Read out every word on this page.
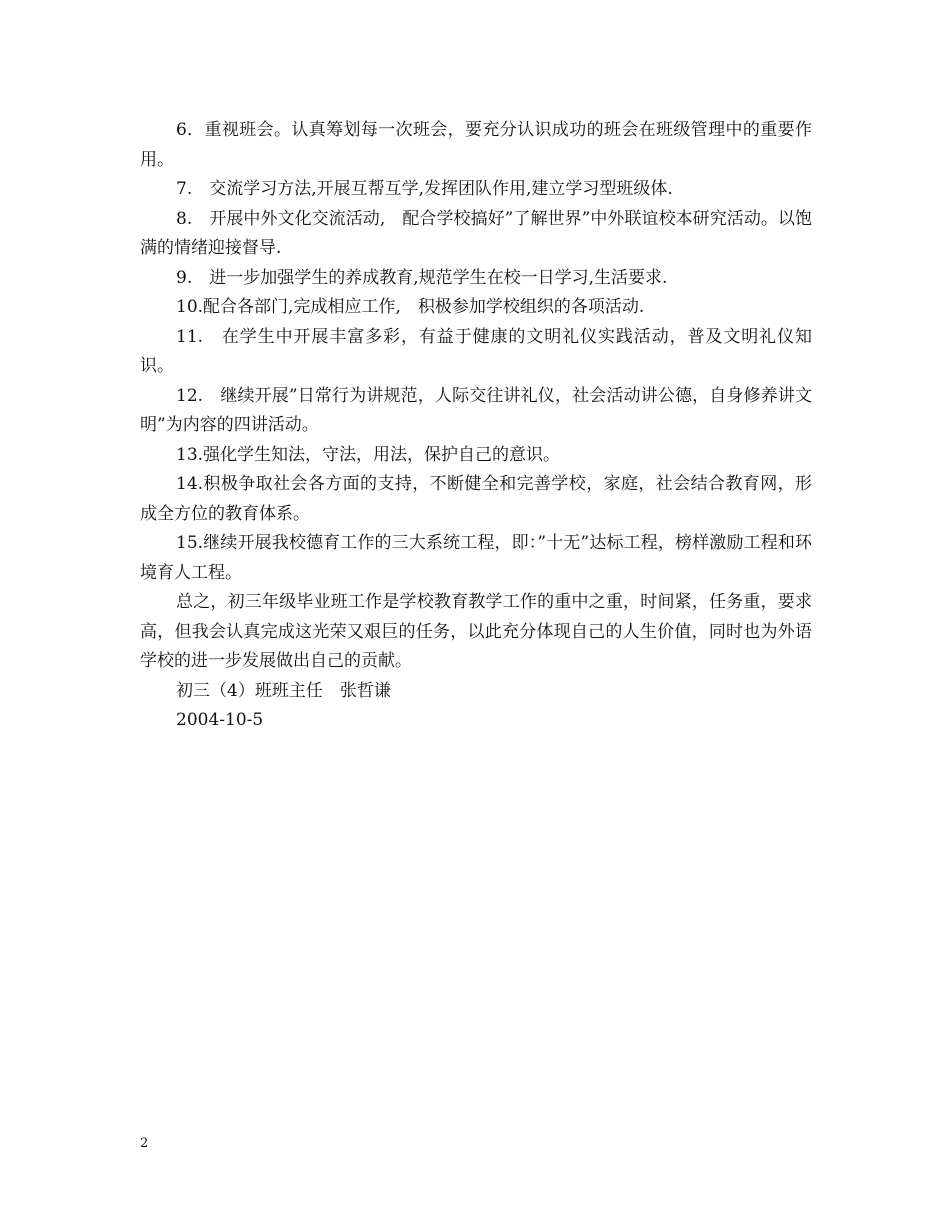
6．重视班会。认真筹划每一次班会，要充分认识成功的班会在班级管理中的重要作用。

7.　交流学习方法,开展互帮互学,发挥团队作用,建立学习型班级体.

8.　开展中外文化交流活动,　配合学校搞好”了解世界”中外联谊校本研究活动。以饱满的情绪迎接督导.

9.　进一步加强学生的养成教育,规范学生在校一日学习,生活要求.

10.配合各部门,完成相应工作,　积极参加学校组织的各项活动.

11.　在学生中开展丰富多彩，有益于健康的文明礼仪实践活动，普及文明礼仪知识。

12.　继续开展”日常行为讲规范，人际交往讲礼仪，社会活动讲公德，自身修养讲文明”为内容的四讲活动。

13.强化学生知法，守法，用法，保护自己的意识。

14.积极争取社会各方面的支持，不断健全和完善学校，家庭，社会结合教育网，形成全方位的教育体系。

15.继续开展我校德育工作的三大系统工程，即：”十无”达标工程，榜样激励工程和环境育人工程。

总之，初三年级毕业班工作是学校教育教学工作的重中之重，时间紧，任务重，要求高，但我会认真完成这光荣又艰巨的任务，以此充分体现自己的人生价值，同时也为外语学校的进一步发展做出自己的贡献。

初三（4）班班主任　张哲谦

2004-10-5

2
